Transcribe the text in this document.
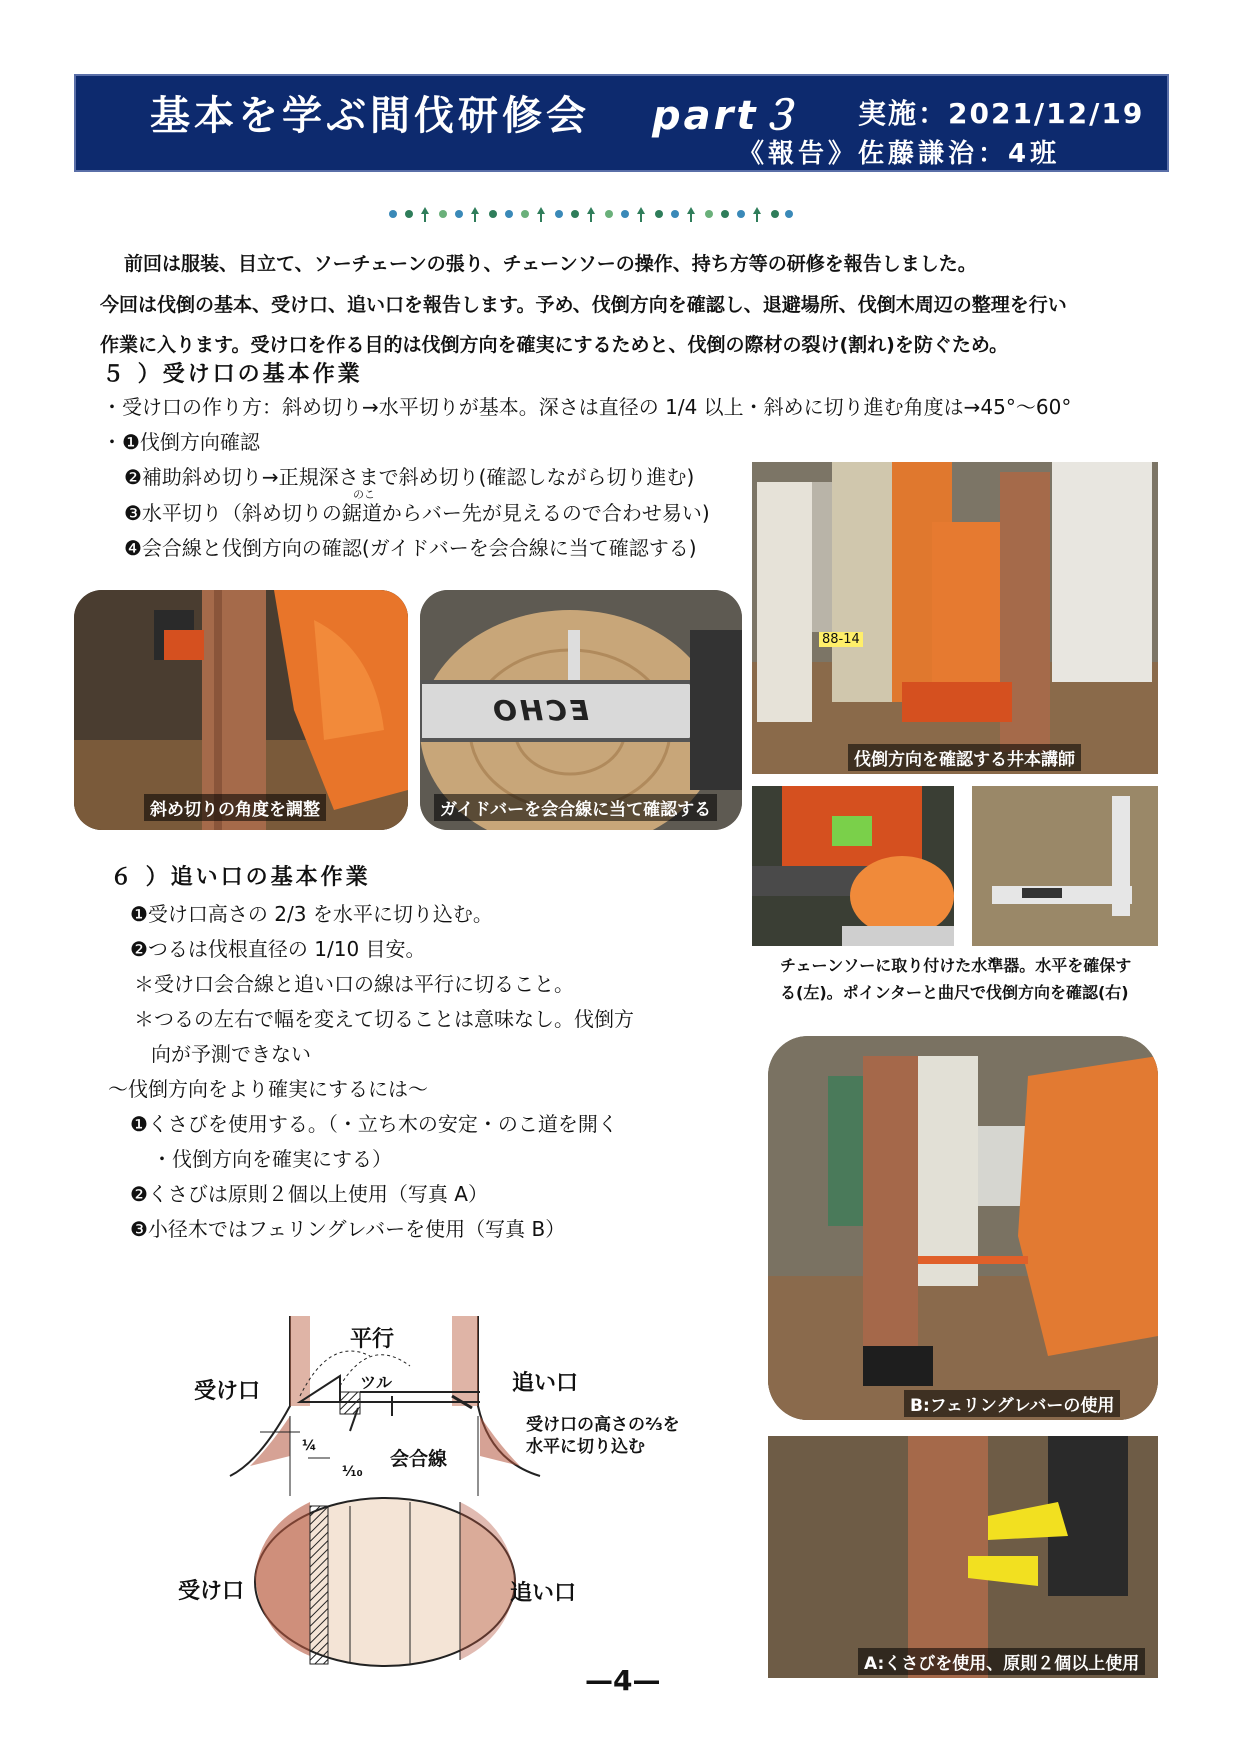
基本を学ぶ間伐研修会 part３ 実施：2021/12/19
《報告》佐藤謙治：4班
前回は服装、目立て、ソーチェーンの張り、チェーンソーの操作、持ち方等の研修を報告しました。
今回は伐倒の基本、受け口、追い口を報告します。予め、伐倒方向を確認し、退避場所、伐倒木周辺の整理を行い
作業に入ります。受け口を作る目的は伐倒方向を確実にするためと、伐倒の際材の裂け(割れ)を防ぐため。
５ ）受け口の基本作業
・受け口の作り方：斜め切り→水平切りが基本。深さは直径の 1/4 以上・斜めに切り進む角度は→45°～60°
・❶伐倒方向確認
❷補助斜め切り→正規深さまで斜め切り(確認しながら切り進む)
❸水平切り（斜め切りの鋸道からバー先が見えるので合わせ易い)
のこ
❹会合線と伐倒方向の確認(ガイドバーを会合線に当て確認する)
斜め切りの角度を調整
ECHO
ガイドバーを会合線に当て確認する
88-14
伐倒方向を確認する井本講師
チェーンソーに取り付けた水準器。水平を確保す
る(左)。ポインターと曲尺で伐倒方向を確認(右)
６ ）追い口の基本作業
❶受け口高さの 2/3 を水平に切り込む。
❷つるは伐根直径の 1/10 目安。
＊受け口会合線と追い口の線は平行に切ること。
＊つるの左右で幅を変えて切ることは意味なし。伐倒方
向が予測できない
～伐倒方向をより確実にするには～
❶くさびを使用する。（・立ち木の安定・のこ道を開く
・伐倒方向を確実にする）
❷くさびは原則２個以上使用（写真 A）
❸小径木ではフェリングレバーを使用（写真 B）
B:フェリングレバーの使用
A:くさびを使用、原則２個以上使用
平行
受け口	追い口
ツル
受け口の高さの⅔を
水平に切り込む
会合線
¼
⅒
受け口	追い口
—4—
